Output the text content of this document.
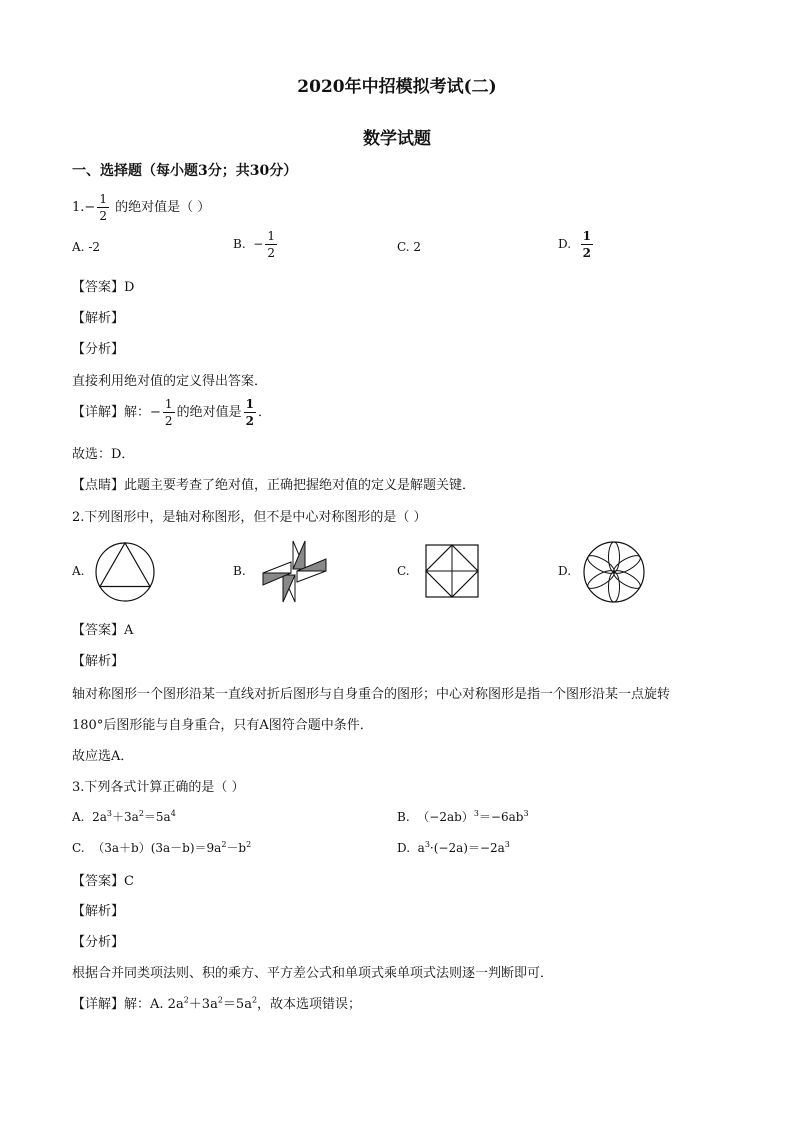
2020年中招模拟考试(二)
数学试题
一、选择题（每小题3分；共30分）
$1.- \frac{1}{2}$ 的绝对值是（ ）
A. -2	B. − $\frac{1}{2}$	C. 2	D. $\frac{1}{2}$
【答案】D
【解析】
【分析】
直接利用绝对值的定义得出答案．
【详解】解：− $\frac{1}{2}$ 的绝对值是 $\frac{1}{2}$ ．
故选：D．
【点睛】此题主要考查了绝对值，正确把握绝对值的定义是解题关键．
2.下列图形中，是轴对称图形，但不是中心对称图形的是（ ）
A.	B.	C.	D.
【答案】A
【解析】
轴对称图形一个图形沿某一直线对折后图形与自身重合的图形；中心对称图形是指一个图形沿某一点旋转
180°后图形能与自身重合，只有A图符合题中条件．
故应选A．
3.下列各式计算正确的是（ ）
A. $2a^3+3a^2=5a^4$	B. $(-2ab)^3=-6ab^3$
C. $(3a+b)(3a-b)=9a^2-b^2$	D. $a^3\cdot(-2a)=-2a^3$
【答案】C
【解析】
【分析】
根据合并同类项法则、积的乘方、平方差公式和单项式乘单项式法则逐一判断即可．
【详解】解：A. $2a^2+3a^2=5a^2$，故本选项错误；
